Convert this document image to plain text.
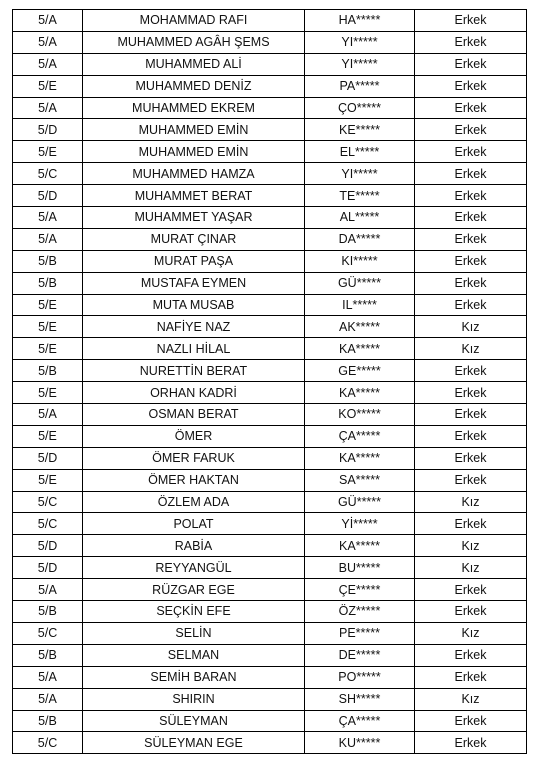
5/A	MOHAMMAD RAFI	HA*****	Erkek
5/A	MUHAMMED AGÂH ŞEMS	YI*****	Erkek
5/A	MUHAMMED ALİ	YI*****	Erkek
5/E	MUHAMMED DENİZ	PA*****	Erkek
5/A	MUHAMMED EKREM	ÇO*****	Erkek
5/D	MUHAMMED EMİN	KE*****	Erkek
5/E	MUHAMMED EMİN	EL*****	Erkek
5/C	MUHAMMED HAMZA	YI*****	Erkek
5/D	MUHAMMET BERAT	TE*****	Erkek
5/A	MUHAMMET YAŞAR	AL*****	Erkek
5/A	MURAT ÇINAR	DA*****	Erkek
5/B	MURAT PAŞA	KI*****	Erkek
5/B	MUSTAFA EYMEN	GÜ*****	Erkek
5/E	MUTA MUSAB	IL*****	Erkek
5/E	NAFİYE NAZ	AK*****	Kız
5/E	NAZLI HİLAL	KA*****	Kız
5/B	NURETTİN BERAT	GE*****	Erkek
5/E	ORHAN KADRİ	KA*****	Erkek
5/A	OSMAN BERAT	KO*****	Erkek
5/E	ÖMER	ÇA*****	Erkek
5/D	ÖMER FARUK	KA*****	Erkek
5/E	ÖMER HAKTAN	SA*****	Erkek
5/C	ÖZLEM ADA	GÜ*****	Kız
5/C	POLAT	Yİ*****	Erkek
5/D	RABİA	KA*****	Kız
5/D	REYYANGÜL	BU*****	Kız
5/A	RÜZGAR EGE	ÇE*****	Erkek
5/B	SEÇKİN EFE	ÖZ*****	Erkek
5/C	SELİN	PE*****	Kız
5/B	SELMAN	DE*****	Erkek
5/A	SEMİH BARAN	PO*****	Erkek
5/A	SHIRIN	SH*****	Kız
5/B	SÜLEYMAN	ÇA*****	Erkek
5/C	SÜLEYMAN EGE	KU*****	Erkek
